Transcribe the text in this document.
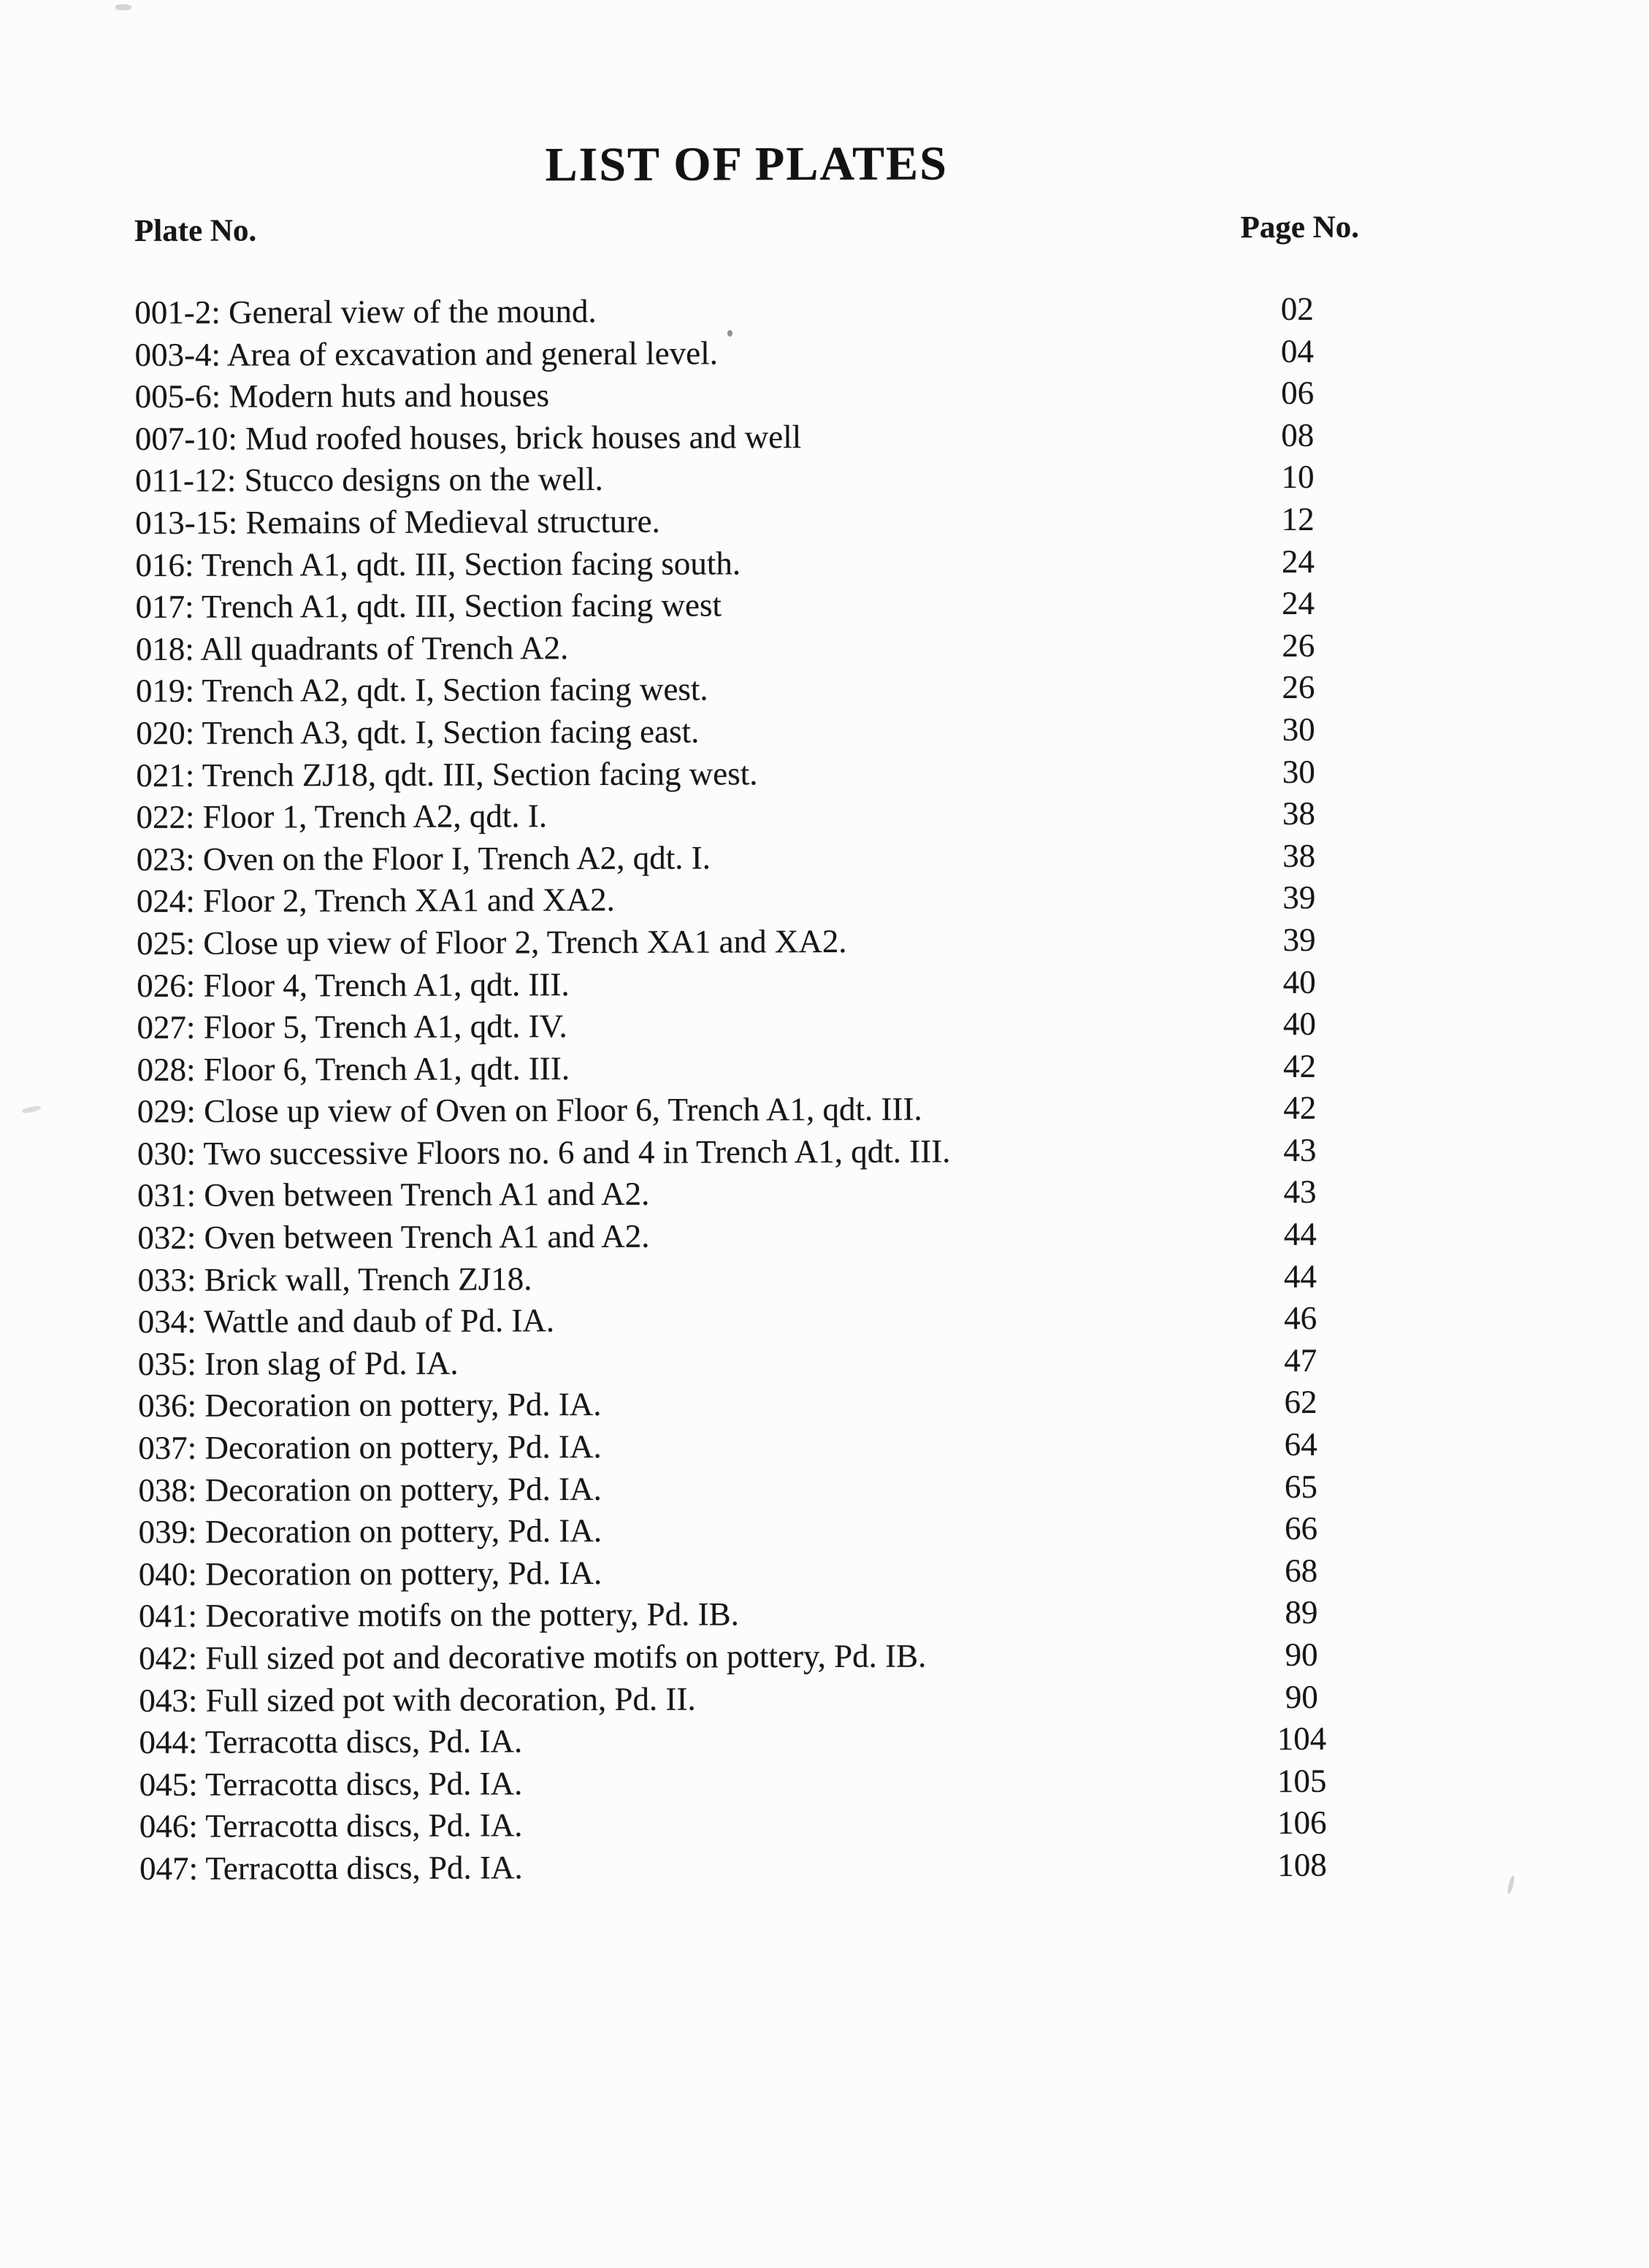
LIST OF PLATES
Plate No.	Page No.
001-2: General view of the mound.	02
003-4: Area of excavation and general level.	04
005-6: Modern huts and houses	06
007-10: Mud roofed houses, brick houses and well	08
011-12: Stucco designs on the well.	10
013-15: Remains of Medieval structure.	12
016: Trench A1, qdt. III, Section facing south.	24
017: Trench A1, qdt. III, Section facing west	24
018: All quadrants of Trench A2.	26
019: Trench A2, qdt. I, Section facing west.	26
020: Trench A3, qdt. I, Section facing east.	30
021: Trench ZJ18, qdt. III, Section facing west.	30
022: Floor 1, Trench A2, qdt. I.	38
023: Oven on the Floor I, Trench A2, qdt. I.	38
024: Floor 2, Trench XA1 and XA2.	39
025: Close up view of Floor 2, Trench XA1 and XA2.	39
026: Floor 4, Trench A1, qdt. III.	40
027: Floor 5, Trench A1, qdt. IV.	40
028: Floor 6, Trench A1, qdt. III.	42
029: Close up view of Oven on Floor 6, Trench A1, qdt. III.	42
030: Two successive Floors no. 6 and 4 in Trench A1, qdt. III.	43
031: Oven between Trench A1 and A2.	43
032: Oven between Trench A1 and A2.	44
033: Brick wall, Trench ZJ18.	44
034: Wattle and daub of Pd. IA.	46
035: Iron slag of Pd. IA.	47
036: Decoration on pottery, Pd. IA.	62
037: Decoration on pottery, Pd. IA.	64
038: Decoration on pottery, Pd. IA.	65
039: Decoration on pottery, Pd. IA.	66
040: Decoration on pottery, Pd. IA.	68
041: Decorative motifs on the pottery, Pd. IB.	89
042: Full sized pot and decorative motifs on pottery, Pd. IB.	90
043: Full sized pot with decoration, Pd. II.	90
044: Terracotta discs, Pd. IA.	104
045: Terracotta discs, Pd. IA.	105
046: Terracotta discs, Pd. IA.	106
047: Terracotta discs, Pd. IA.	108
